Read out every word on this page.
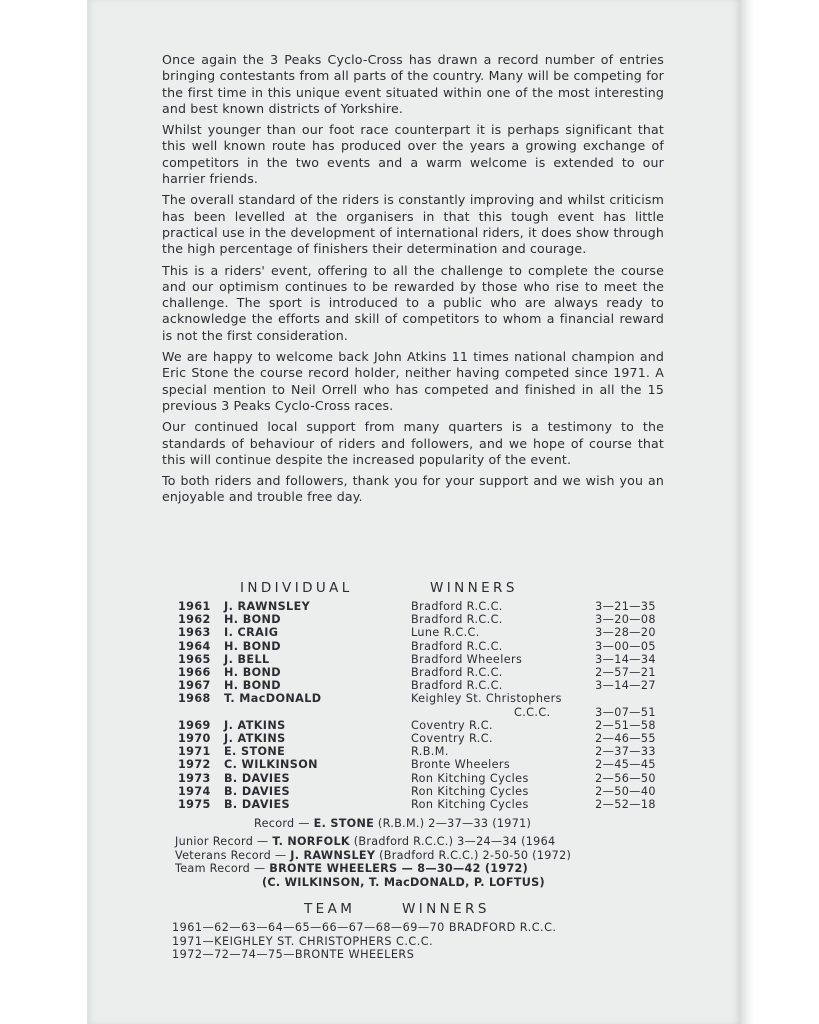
Once again the 3 Peaks Cyclo-Cross has drawn a record number of entries bringing contestants from all parts of the country. Many will be competing for the first time in this unique event situated within one of the most interesting and best known districts of Yorkshire.

Whilst younger than our foot race counterpart it is perhaps significant that this well known route has produced over the years a growing exchange of competitors in the two events and a warm welcome is extended to our harrier friends.

The overall standard of the riders is constantly improving and whilst criticism has been levelled at the organisers in that this tough event has little practical use in the development of international riders, it does show through the high percentage of finishers their determination and courage.

This is a riders' event, offering to all the challenge to complete the course and our optimism continues to be rewarded by those who rise to meet the challenge. The sport is introduced to a public who are always ready to acknowledge the efforts and skill of competitors to whom a financial reward is not the first consideration.

We are happy to welcome back John Atkins 11 times national champion and Eric Stone the course record holder, neither having competed since 1971. A special mention to Neil Orrell who has competed and finished in all the 15 previous 3 Peaks Cyclo-Cross races.

Our continued local support from many quarters is a testimony to the standards of behaviour of riders and followers, and we hope of course that this will continue despite the increased popularity of the event.

To both riders and followers, thank you for your support and we wish you an enjoyable and trouble free day.

INDIVIDUAL	WINNERS
1961	J. RAWNSLEY	Bradford R.C.C.	3—21—35
1962	H. BOND	Bradford R.C.C.	3—20—08
1963	I. CRAIG	Lune R.C.C.	3—28—20
1964	H. BOND	Bradford R.C.C.	3—00—05
1965	J. BELL	Bradford Wheelers	3—14—34
1966	H. BOND	Bradford R.C.C.	2—57—21
1967	H. BOND	Bradford R.C.C.	3—14—27
1968	T. MacDONALD	Keighley St. Christophers
C.C.C.	3—07—51

1969	J. ATKINS	Coventry R.C.	2—51—58
1970	J. ATKINS	Coventry R.C.	2—46—55
1971	E. STONE	R.B.M.	2—37—33
1972	C. WILKINSON	Bronte Wheelers	2—45—45
1973	B. DAVIES	Ron Kitching Cycles	2—56—50
1974	B. DAVIES	Ron Kitching Cycles	2—50—40
1975	B. DAVIES	Ron Kitching Cycles	2—52—18
Record — E. STONE (R.B.M.) 2—37—33 (1971)
Junior Record — T. NORFOLK (Bradford R.C.C.) 3—24—34 (1964
Veterans Record — J. RAWNSLEY (Bradford R.C.C.) 2-50-50 (1972)
Team Record — BRONTE WHEELERS — 8—30—42 (1972)
(C. WILKINSON, T. MacDONALD, P. LOFTUS)
TEAM	WINNERS
1961—62—63—64—65—66—67—68—69—70 BRADFORD R.C.C.
1971—KEIGHLEY ST. CHRISTOPHERS C.C.C.
1972—72—74—75—BRONTE WHEELERS
